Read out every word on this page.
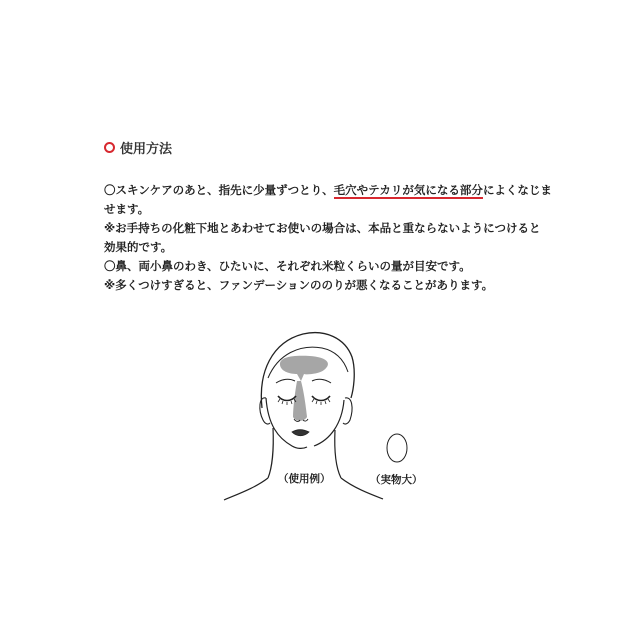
使用方法

〇スキンケアのあと、指先に少量ずつとり、毛穴やテカリが気になる部分によくなじま

せます。

※お手持ちの化粧下地とあわせてお使いの場合は、本品と重ならないようにつけると

効果的です。

〇鼻、両小鼻のわき、ひたいに、それぞれ米粒くらいの量が目安です。

※多くつけすぎると、ファンデーションののりが悪くなることがあります。

（使用例）	（実物大）
